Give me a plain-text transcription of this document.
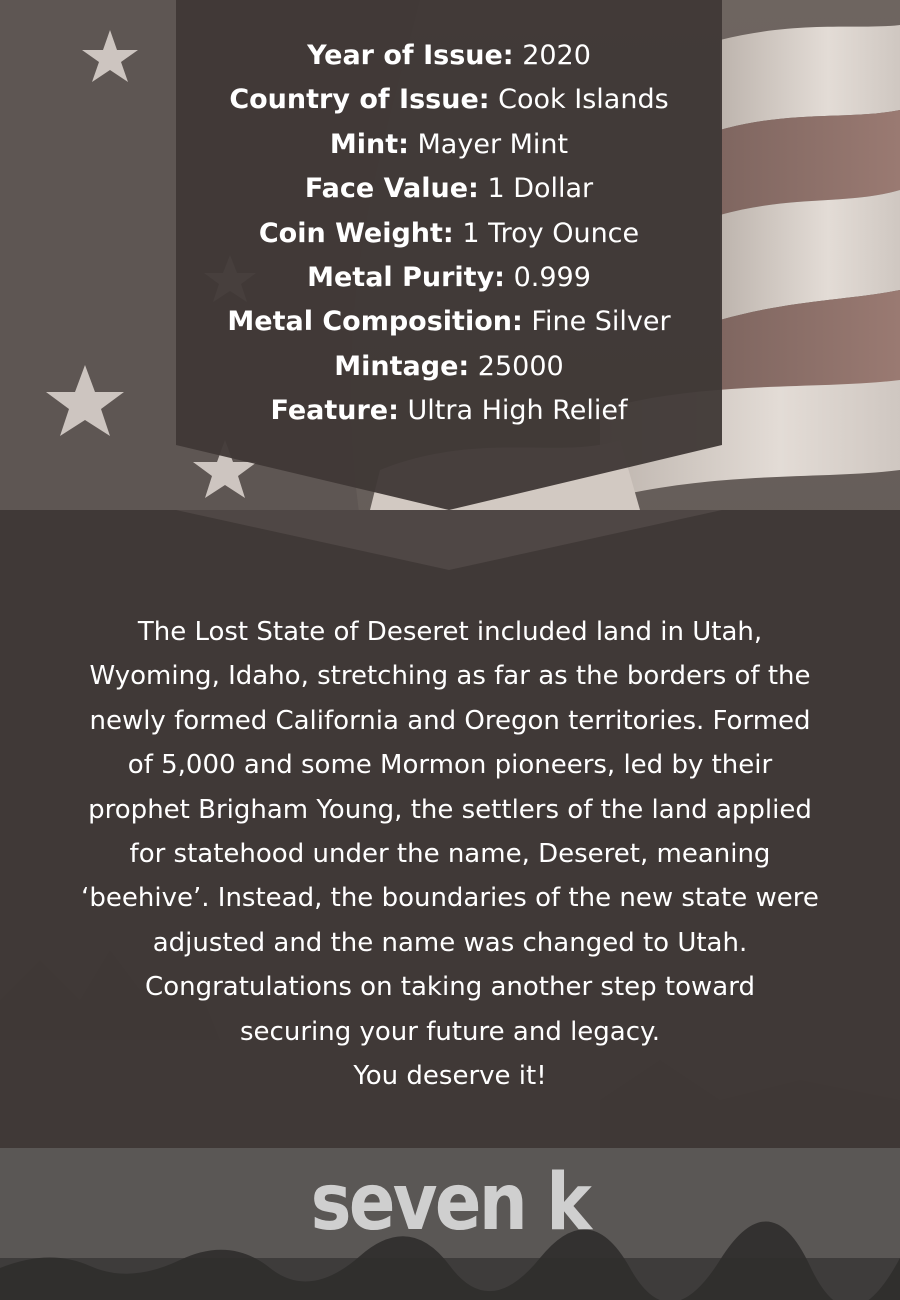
Year of Issue: 2020
Country of Issue: Cook Islands
Mint: Mayer Mint
Face Value: 1 Dollar
Coin Weight: 1 Troy Ounce
Metal Purity: 0.999
Metal Composition: Fine Silver
Mintage: 25000
Feature: Ultra High Relief

The Lost State of Deseret included land in Utah,

Wyoming, Idaho, stretching as far as the borders of the

newly formed California and Oregon territories. Formed

of 5,000 and some Mormon pioneers, led by their

prophet Brigham Young, the settlers of the land applied

for statehood under the name, Deseret, meaning

‘beehive’. Instead, the boundaries of the new state were

adjusted and the name was changed to Utah.

Congratulations on taking another step toward

securing your future and legacy.

You deserve it!

seven k
